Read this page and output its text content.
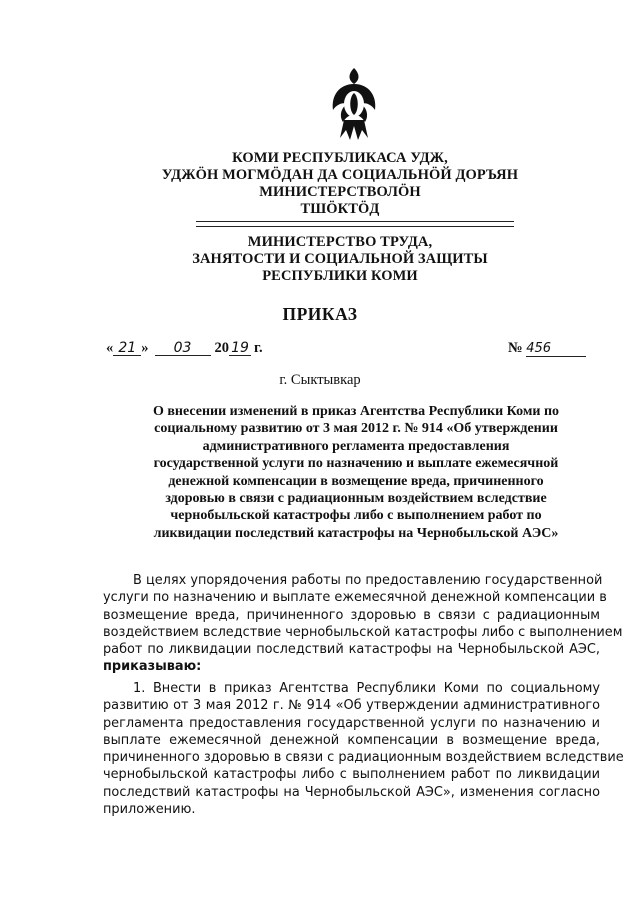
КОМИ РЕСПУБЛИКАСА УДЖ,
УДЖÖН МОГМÖДАН ДА СОЦИАЛЬНÖЙ ДОРЪЯН
МИНИСТЕРСТВОЛÖН
ТШÖКТÖД
МИНИСТЕРСТВО ТРУДА,
ЗАНЯТОСТИ И СОЦИАЛЬНОЙ ЗАЩИТЫ
РЕСПУБЛИКИ КОМИ
ПРИКАЗ
« 21 » 03 20 19 г.	№ 456
г. Сыктывкар
О внесении изменений в приказ Агентства Республики Коми по
социальному развитию от 3 мая 2012 г. № 914 «Об утверждении
административного регламента предоставления
государственной услуги по назначению и выплате ежемесячной
денежной компенсации в возмещение вреда, причиненного
здоровью в связи с радиационным воздействием вследствие
чернобыльской катастрофы либо с выполнением работ по
ликвидации последствий катастрофы на Чернобыльской АЭС»
В целях упорядочения работы по предоставлению государственной
услуги по назначению и выплате ежемесячной денежной компенсации в
возмещение вреда, причиненного здоровью в связи с радиационным
воздействием вследствие чернобыльской катастрофы либо с выполнением
работ по ликвидации последствий катастрофы на Чернобыльской АЭС,
приказываю:
1. Внести в приказ Агентства Республики Коми по социальному
развитию от 3 мая 2012 г. № 914 «Об утверждении административного
регламента предоставления государственной услуги по назначению и
выплате ежемесячной денежной компенсации в возмещение вреда,
причиненного здоровью в связи с радиационным воздействием вследствие
чернобыльской катастрофы либо с выполнением работ по ликвидации
последствий катастрофы на Чернобыльской АЭС», изменения согласно
приложению.
